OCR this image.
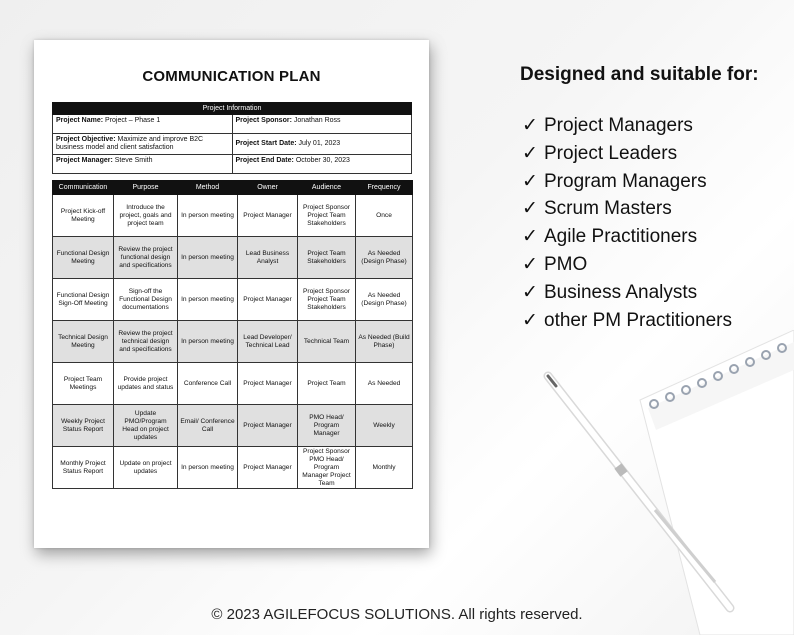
COMMUNICATION PLAN
Project Information	
Project Name: Project – Phase 1	Project Sponsor: Jonathan Ross
Project Objective: Maximize and improve B2C business model and client satisfaction	Project Start Date: July 01, 2023
Project Manager: Steve Smith	Project End Date: October 30, 2023
Communication	Purpose	Method	Owner	Audience	Frequency
Project Kick-off Meeting	Introduce the project, goals and project team	In person meeting	Project Manager	Project Sponsor Project Team Stakeholders	Once
Functional Design Meeting	Review the project functional design and specifications	In person meeting	Lead Business Analyst	Project Team Stakeholders	As Needed (Design Phase)
Functional Design Sign-Off Meeting	Sign-off the Functional Design documentations	In person meeting	Project Manager	Project Sponsor Project Team Stakeholders	As Needed (Design Phase)
Technical Design Meeting	Review the project technical design and specifications	In person meeting	Lead Developer/ Technical Lead	Technical Team	As Needed (Build Phase)
Project Team Meetings	Provide project updates and status	Conference Call	Project Manager	Project Team	As Needed
Weekly Project Status Report	Update PMO/Program Head on project updates	Email/ Conference Call	Project Manager	PMO Head/ Program Manager	Weekly
Monthly Project Status Report	Update on project updates	In person meeting	Project Manager	Project Sponsor PMO Head/ Program Manager Project Team	Monthly
Designed and suitable for:
✓ Project Managers
✓ Project Leaders
✓ Program Managers
✓ Scrum Masters
✓ Agile Practitioners
✓ PMO
✓ Business Analysts
✓ other PM Practitioners
© 2023 AGILEFOCUS SOLUTIONS. All rights reserved.
